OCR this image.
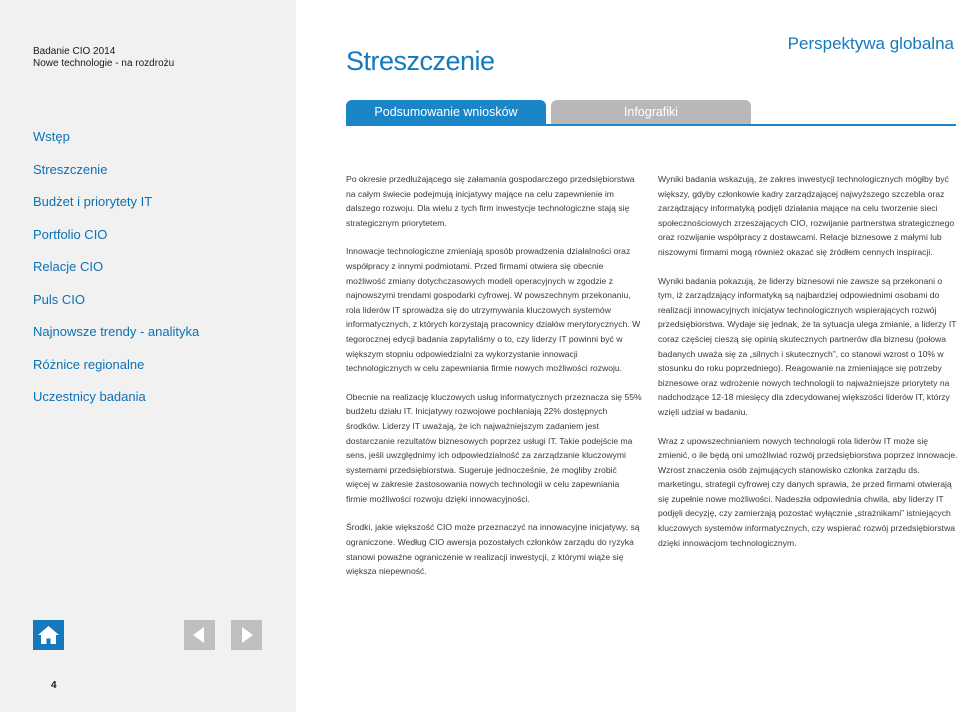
Badanie CIO 2014
Nowe technologie - na rozdrożu
Wstęp
Streszczenie
Budżet i priorytety IT
Portfolio CIO
Relacje CIO
Puls CIO
Najnowsze trendy - analityka
Różnice regionalne
Uczestnicy badania
4
Streszczenie
Perspektywa globalna
Podsumowanie wniosków	Infografiki

Po okresie przedłużającego się załamania gospodarczego przedsiębiorstwa na całym świecie podejmują inicjatywy mające na celu zapewnienie im dalszego rozwoju. Dla wielu z tych firm inwestycje technologiczne stają się strategicznym priorytetem.

Innowacje technologiczne zmieniają sposób prowadzenia działalności oraz współpracy z innymi podmiotami. Przed firmami otwiera się obecnie możliwość zmiany dotychczasowych modeli operacyjnych w zgodzie z najnowszymi trendami gospodarki cyfrowej. W powszechnym przekonaniu, rola liderów IT sprowadza się do utrzymywania kluczowych systemów informatycznych, z których korzystają pracownicy działów merytorycznych. W tegorocznej edycji badania zapytaliśmy o to, czy liderzy IT powinni być w większym stopniu odpowiedzialni za wykorzystanie innowacji technologicznych w celu zapewniania firmie nowych możliwości rozwoju.

Obecnie na realizację kluczowych usług informatycznych przeznacza się 55% budżetu działu IT. Inicjatywy rozwojowe pochłaniają 22% dostępnych środków. Liderzy IT uważają, że ich najważniejszym zadaniem jest dostarczanie rezultatów biznesowych poprzez usługi IT. Takie podejście ma sens, jeśli uwzględnimy ich odpowiedzialność za zarządzanie kluczowymi systemami przedsiębiorstwa. Sugeruje jednocześnie, że mogliby zrobić więcej w zakresie zastosowania nowych technologii w celu zapewniania firmie możliwości rozwoju dzięki innowacyjności.

Środki, jakie większość CIO może przeznaczyć na innowacyjne inicjatywy, są ograniczone. Według CIO awersja pozostałych członków zarządu do ryzyka stanowi poważne ograniczenie w realizacji inwestycji, z którymi wiąże się większa niepewność.

Wyniki badania wskazują, że zakres inwestycji technologicznych mógłby być większy, gdyby członkowie kadry zarządzającej najwyższego szczebla oraz zarządzający informatyką podjęli działania mające na celu tworzenie sieci społecznościowych zrzeszających CIO, rozwijanie partnerstwa strategicznego oraz rozwijanie współpracy z dostawcami. Relacje biznesowe z małymi lub niszowymi firmami mogą również okazać się źródłem cennych inspiracji.

Wyniki badania pokazują, że liderzy biznesowi nie zawsze są przekonani o tym, iż zarządzający informatyką są najbardziej odpowiednimi osobami do realizacji innowacyjnych inicjatyw technologicznych wspierających rozwój przedsiębiorstwa. Wydaje się jednak, że ta sytuacja ulega zmianie, a liderzy IT coraz częściej cieszą się opinią skutecznych partnerów dla biznesu (połowa badanych uważa się za „silnych i skutecznych”, co stanowi wzrost o 10% w stosunku do roku poprzedniego). Reagowanie na zmieniające się potrzeby biznesowe oraz wdrożenie nowych technologii to najważniejsze priorytety na nadchodzące 12-18 miesięcy dla zdecydowanej większości liderów IT, którzy wzięli udział w badaniu.

Wraz z upowszechnianiem nowych technologii rola liderów IT może się zmienić, o ile będą oni umożliwiać rozwój przedsiębiorstwa poprzez innowacje. Wzrost znaczenia osób zajmujących stanowisko członka zarządu ds. marketingu, strategii cyfrowej czy danych sprawia, że przed firmami otwierają się zupełnie nowe możliwości. Nadeszła odpowiednia chwila, aby liderzy IT podjęli decyzję, czy zamierzają pozostać wyłącznie „strażnikami” istniejących kluczowych systemów informatycznych, czy wspierać rozwój przedsiębiorstwa dzięki innowacjom technologicznym.
